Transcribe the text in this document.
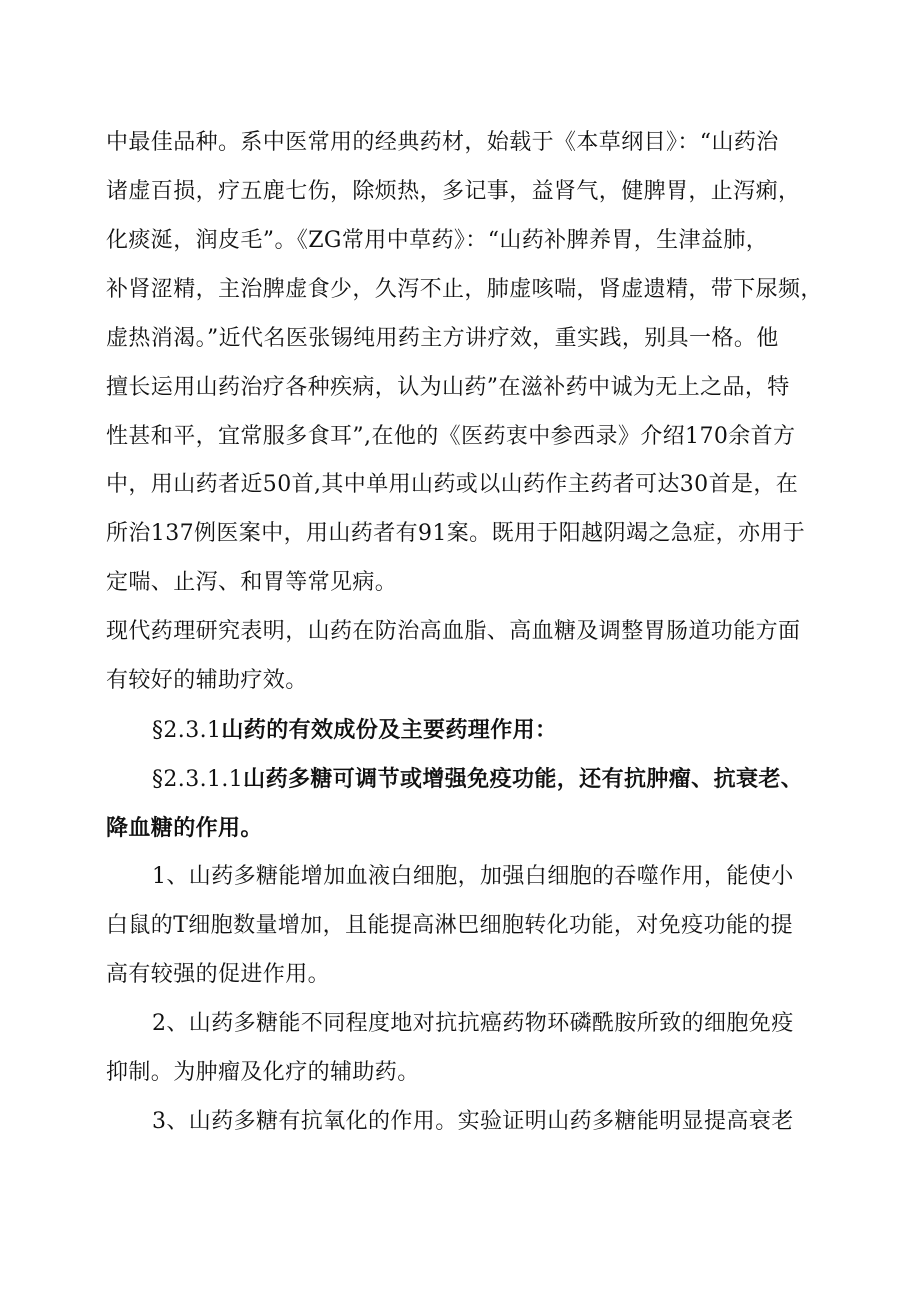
中最佳品种。系中医常用的经典药材，始载于《本草纲目》：“山药治
诸虚百损，疗五鹿七伤，除烦热，多记事，益肾气，健脾胃，止泻痢，
化痰涎，润皮毛”。《ZG常用中草药》：“山药补脾养胃，生津益肺，
补肾涩精，主治脾虚食少，久泻不止，肺虚咳喘，肾虚遗精，带下尿频，
虚热消渴。”近代名医张锡纯用药主方讲疗效，重实践，别具一格。他
擅长运用山药治疗各种疾病，认为山药”在滋补药中诚为无上之品，特
性甚和平，宜常服多食耳”,在他的《医药衷中参西录》介绍170余首方
中，用山药者近50首,其中单用山药或以山药作主药者可达30首是，在
所治137例医案中，用山药者有91案。既用于阳越阴竭之急症，亦用于
定喘、止泻、和胃等常见病。
现代药理研究表明，山药在防治高血脂、高血糖及调整胃肠道功能方面
有较好的辅助疗效。
§2.3.1山药的有效成份及主要药理作用：
§2.3.1.1山药多糖可调节或增强免疫功能，还有抗肿瘤、抗衰老、
降血糖的作用。
1、山药多糖能增加血液白细胞，加强白细胞的吞噬作用，能使小
白鼠的T细胞数量增加，且能提高淋巴细胞转化功能，对免疫功能的提
高有较强的促进作用。
2、山药多糖能不同程度地对抗抗癌药物环磷酰胺所致的细胞免疫
抑制。为肿瘤及化疗的辅助药。
3、山药多糖有抗氧化的作用。实验证明山药多糖能明显提高衰老
